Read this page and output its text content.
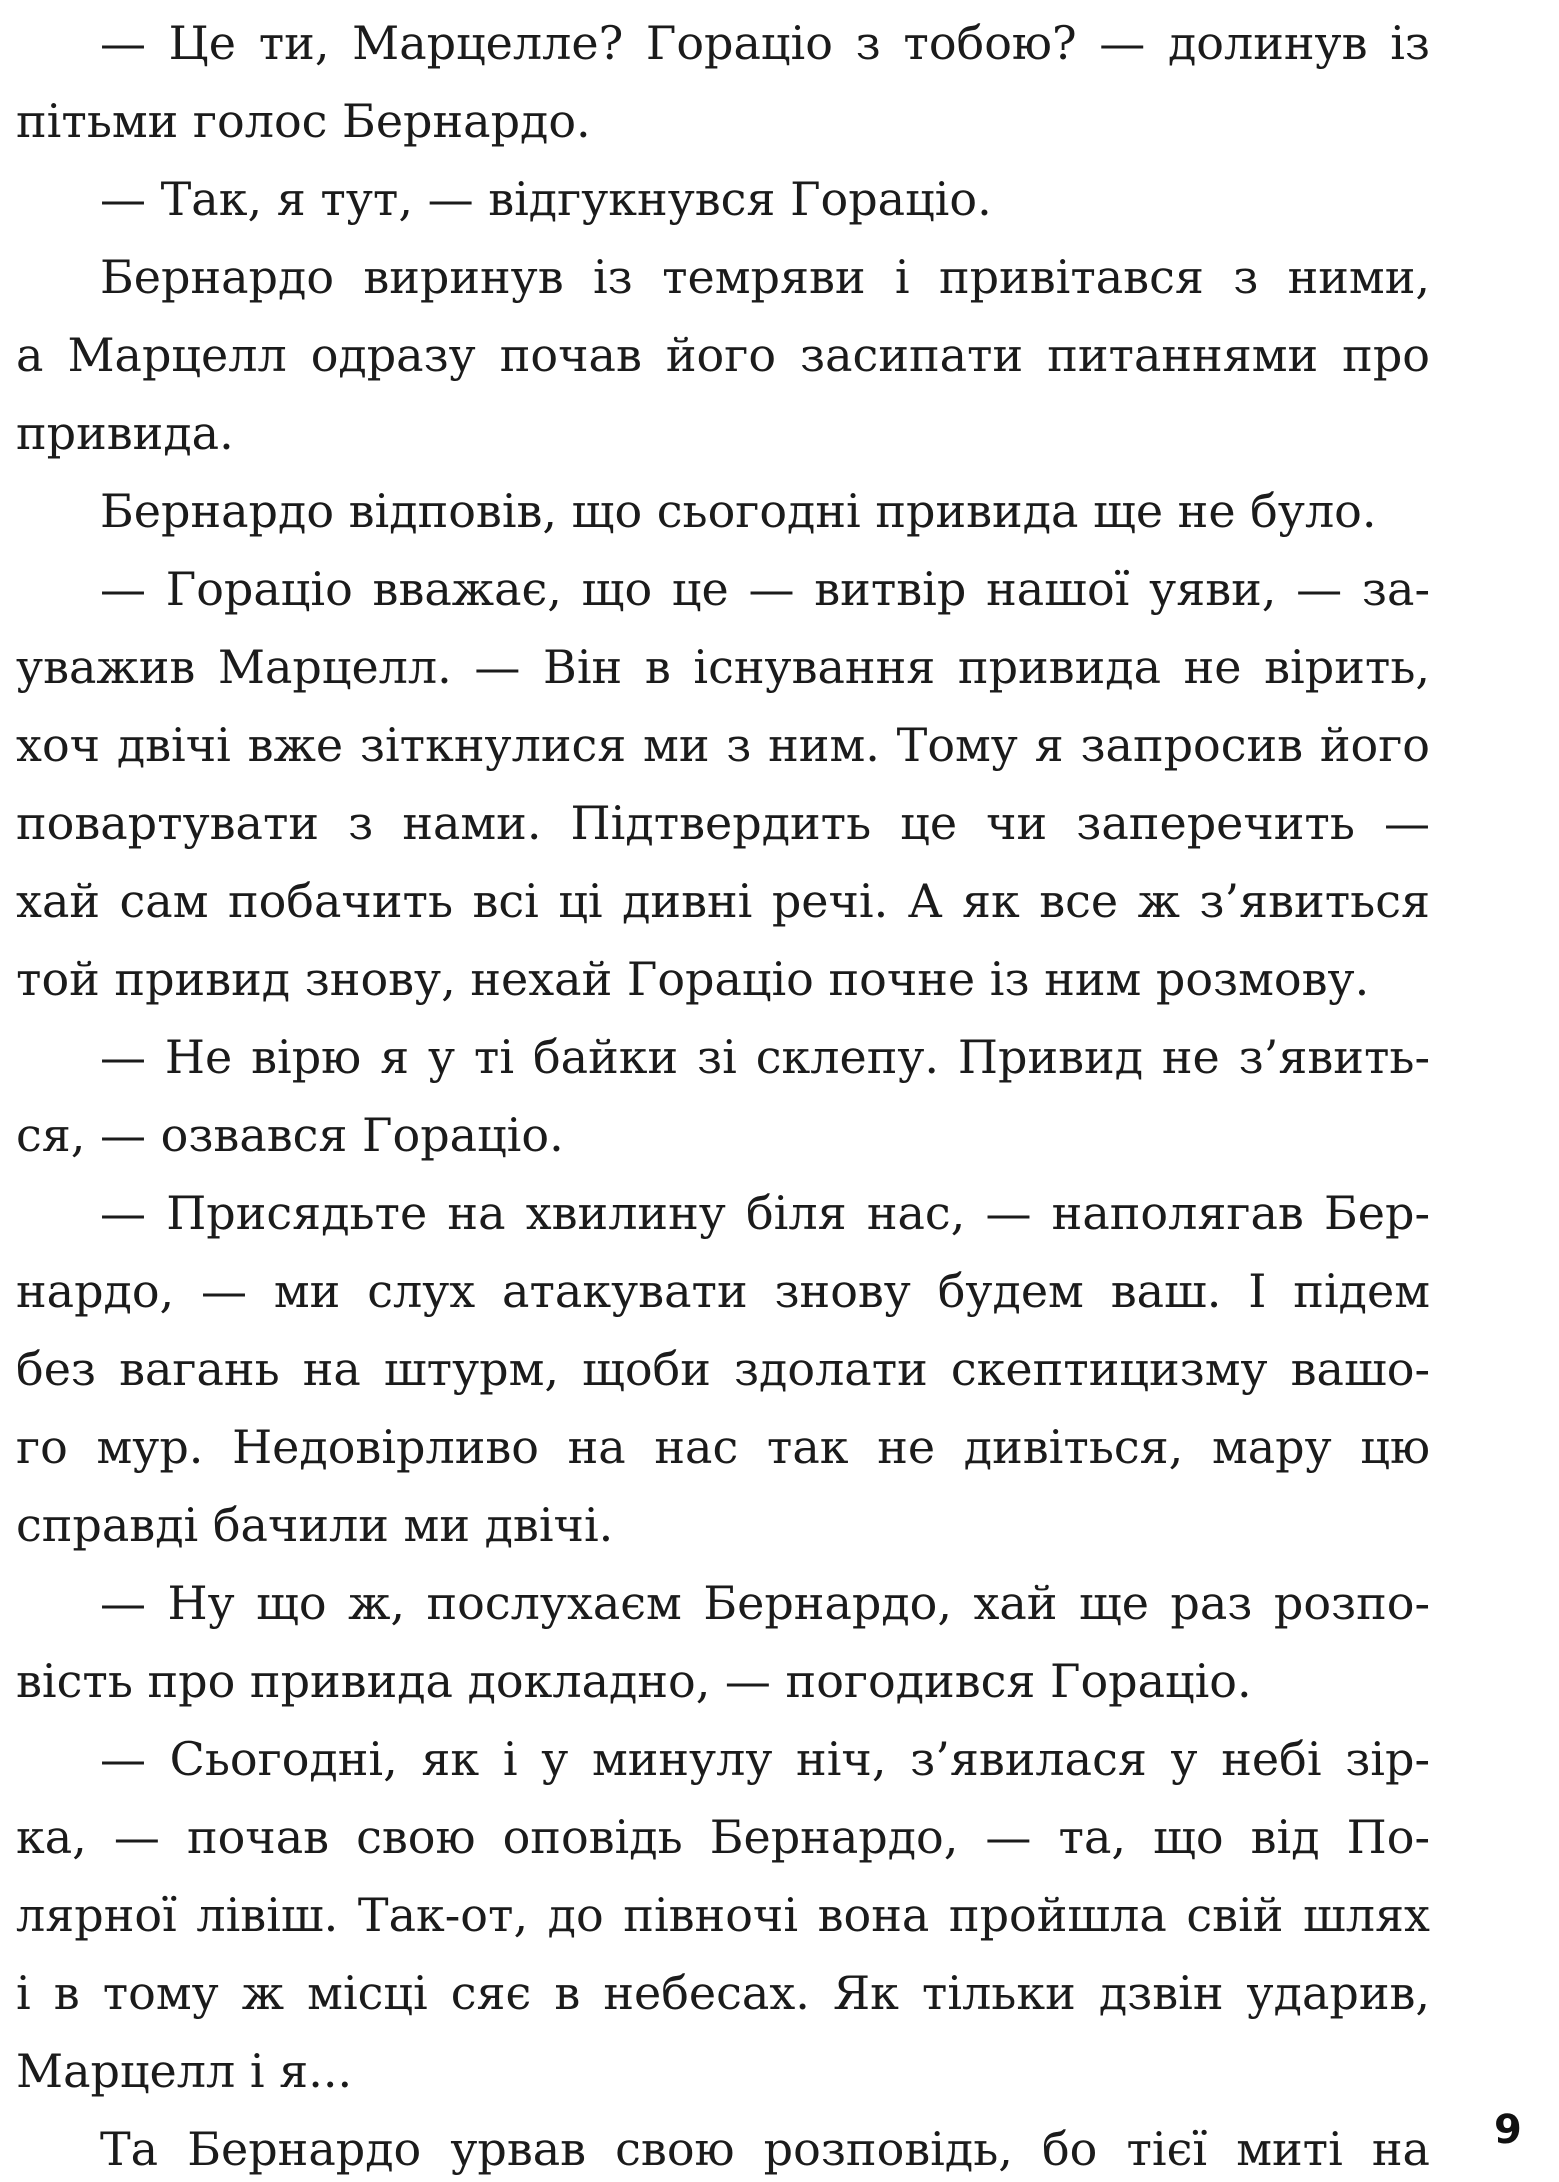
— Це ти, Марцелле? Гораціо з тобою? — долинув із
пітьми голос Бернардо.
— Так, я тут, — відгукнувся Гораціо.
Бернардо виринув із темряви і привітався з ними,
а Марцелл одразу почав його засипати питаннями про
привида.
Бернардо відповів, що сьогодні привида ще не було.
— Гораціо вважає, що це — витвір нашої уяви, — за-
уважив Марцелл. — Він в існування привида не вірить,
хоч двічі вже зіткнулися ми з ним. Тому я запросив його
повартувати з нами. Підтвердить це чи заперечить —
хай сам побачить всі ці дивні речі. А як все ж з’явиться
той привид знову, нехай Гораціо почне із ним розмову.
— Не вірю я у ті байки зі склепу. Привид не з’явить-
ся, — озвався Гораціо.
— Присядьте на хвилину біля нас, — наполягав Бер-
нардо, — ми слух атакувати знову будем ваш. І підем
без вагань на штурм, щоби здолати скептицизму вашо-
го мур. Недовірливо на нас так не дивіться, мару цю
справді бачили ми двічі.
— Ну що ж, послухаєм Бернардо, хай ще раз розпо-
вість про привида докладно, — погодився Гораціо.
— Сьогодні, як і у минулу ніч, з’явилася у небі зір-
ка, — почав свою оповідь Бернардо, — та, що від По-
лярної лівіш. Так-от, до півночі вона пройшла свій шлях
і в тому ж місці сяє в небесах. Як тільки дзвін ударив,
Марцелл і я...
Та Бернардо урвав свою розповідь, бо тієї миті на 9
